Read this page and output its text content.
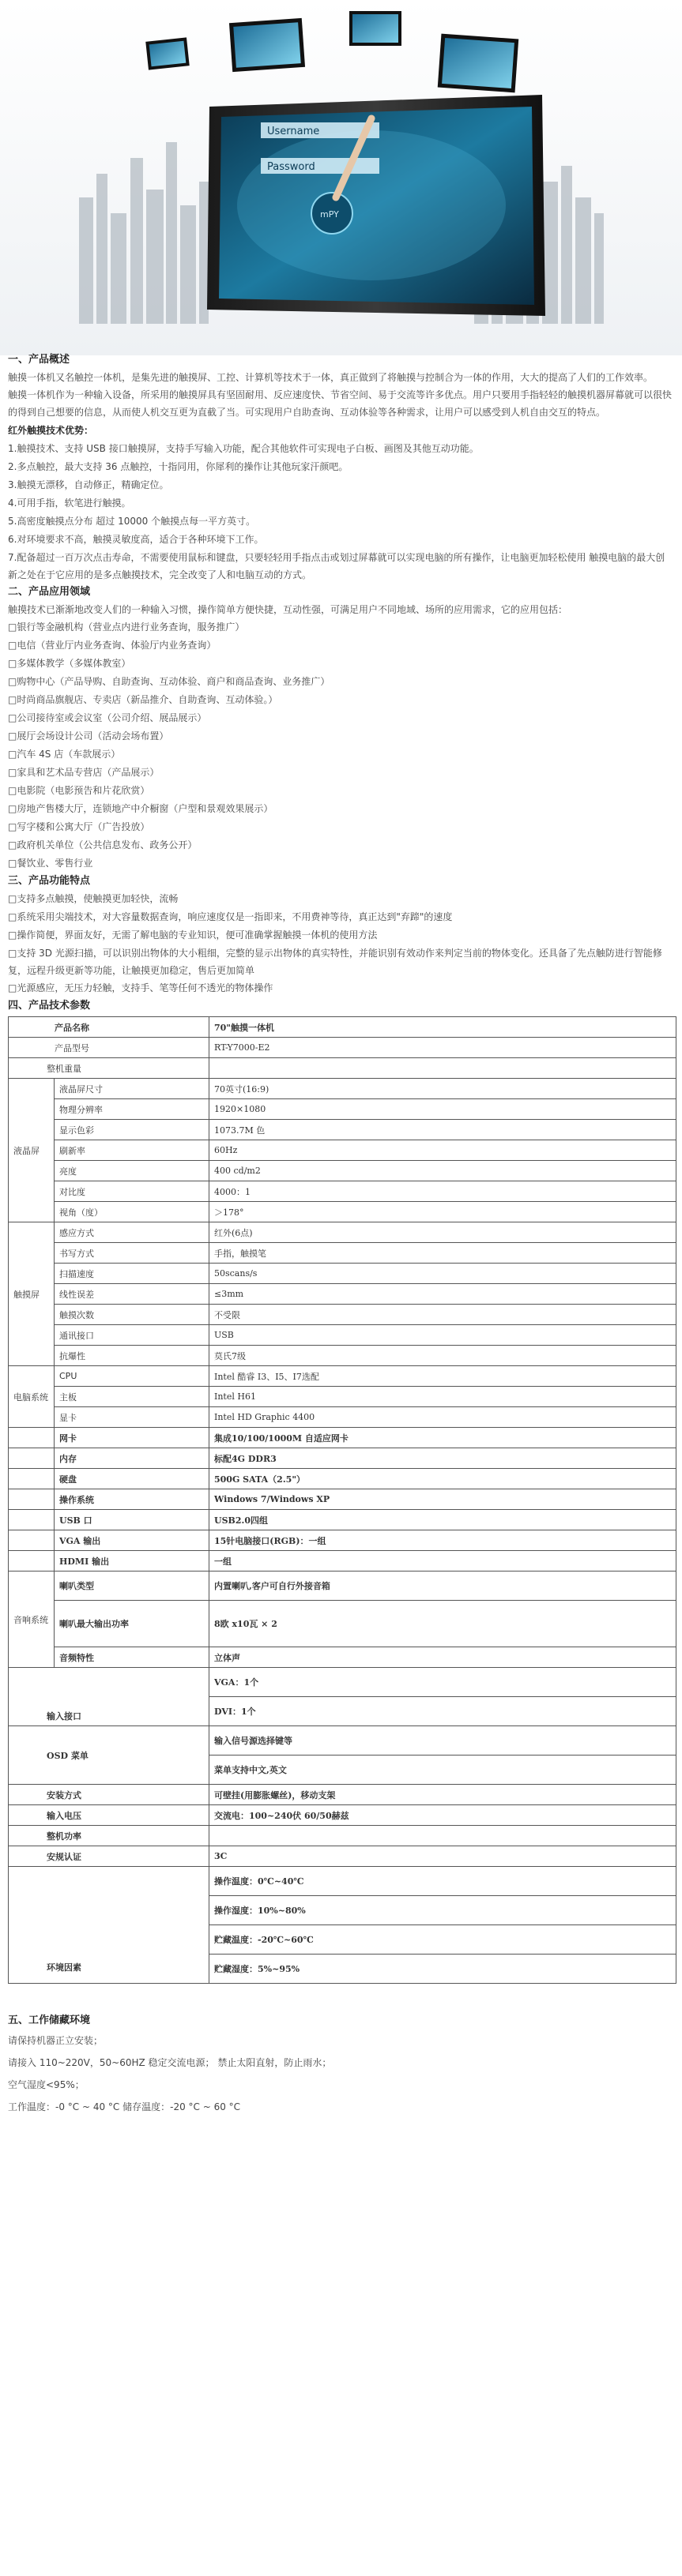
Username
Password
mPY
一、产品概述

触摸一体机又名触控一体机，是集先进的触摸屏、工控、计算机等技术于一体，真正做到了将触摸与控制合为一体的作用，大大的提高了人们的工作效率。

触摸一体机作为一种输入设备，所采用的触摸屏具有坚固耐用、反应速度快、节省空间、易于交流等许多优点。用户只要用手指轻轻的触摸机器屏幕就可以很快的得到自己想要的信息，从而使人机交互更为直截了当。可实现用户自助查询、互动体验等各种需求，让用户可以感受到人机自由交互的特点。

红外触摸技术优势：
1.触摸技术、支持 USB 接口触摸屏，支持手写输入功能，配合其他软件可实现电子白板、画图及其他互动功能。
2.多点触控，最大支持 36 点触控，十指同用，你犀利的操作让其他玩家汗颜吧。
3.触摸无漂移，自动修正，精确定位。
4.可用手指，软笔进行触摸。
5.高密度触摸点分布 超过 10000 个触摸点每一平方英寸。
6.对环境要求不高，触摸灵敏度高，适合于各种环境下工作。

7.配备超过一百万次点击寿命，不需要使用鼠标和键盘，只要轻轻用手指点击或划过屏幕就可以实现电脑的所有操作，让电脑更加轻松使用 触摸电脑的最大创新之处在于它应用的是多点触摸技术，完全改变了人和电脑互动的方式。

二、产品应用领域

触摸技术已渐渐地改变人们的一种输入习惯，操作简单方便快捷，互动性强，可满足用户不同地域、场所的应用需求，它的应用包括：

□银行等金融机构（营业点内进行业务查询，服务推广）
□电信（营业厅内业务查询、体验厅内业务查询）
□多媒体教学（多媒体教室）
□购物中心（产品导购、自助查询、互动体验、商户和商品查询、业务推广）
□时尚商品旗舰店、专卖店（新品推介、自助查询、互动体验。）
□公司接待室或会议室（公司介绍、展品展示）
□展厅会场设计公司（活动会场布置）
□汽车 4S 店（车款展示）
□家具和艺术品专营店（产品展示）
□电影院（电影预告和片花欣赏）
□房地产售楼大厅，连锁地产中介橱窗（户型和景观效果展示）
□写字楼和公寓大厅（广告投放）
□政府机关单位（公共信息发布、政务公开）
□餐饮业、零售行业
三、产品功能特点
□支持多点触摸，使触摸更加轻快，流畅
□系统采用尖端技术，对大容量数据查询，响应速度仅是一指即来，不用费神等待，真正达到"弃蹄"的速度
□操作简便，界面友好，无需了解电脑的专业知识，便可准确掌握触摸一体机的使用方法

□支持 3D 光源扫描，可以识别出物体的大小粗细，完整的显示出物体的真实特性，并能识别有效动作来判定当前的物体变化。还具备了先点触防进行智能修复，远程升级更新等功能，让触摸更加稳定，售后更加简单

□光源感应，无压力轻触，支持手、笔等任何不透光的物体操作
四、产品技术参数
产品名称		70"触摸一体机
产品型号		RT-Y7000-E2
整机重量		
液晶屏	液晶屏尺寸	70英寸(16:9)
	物理分辨率	1920×1080
	显示色彩	1073.7M 色
	刷新率	60Hz
	亮度	400 cd/m2
	对比度	4000：1
	视角（度）	＞178°
触摸屏	感应方式	红外(6点)
	书写方式	手指，触摸笔
	扫描速度	50scans/s
	线性误差	≤3mm
	触摸次数	不受限
	通讯接口	USB
	抗爆性	莫氏7级
电脑系统	CPU	Intel 酷睿 I3、I5、I7选配
	主板	Intel H61
	显卡	Intel HD Graphic 4400
	网卡	集成10/100/1000M 自适应网卡
	内存	标配4G DDR3
	硬盘	500G SATA（2.5"）
	操作系统	Windows 7/Windows XP
	USB 口	USB2.0四组
	VGA 输出	15针电脑接口(RGB)：一组
	HDMI 输出	一组
音响系统	喇叭类型	内置喇叭,客户可自行外接音箱
	喇叭最大输出功率	8欧 x10瓦 × 2
	音频特性	立体声
输入接口		VGA：1个
		DVI：1个
OSD 菜单		输入信号源选择键等
		菜单支持中文,英文
安装方式		可壁挂(用膨胀螺丝)，移动支架
输入电压		交流电：100~240伏 60/50赫兹
整机功率		
安规认证		3C
环境因素		操作温度：0℃~40℃
		操作湿度：10%~80%
		贮藏温度：-20℃~60℃
		贮藏湿度：5%~95%
五、工作储藏环境
请保持机器正立安装；
请接入 110~220V，50~60HZ 稳定交流电源； 禁止太阳直射，防止雨水；
空气湿度<95%；
工作温度：-0 °C ~ 40 °C 储存温度：-20 °C ~ 60 °C
